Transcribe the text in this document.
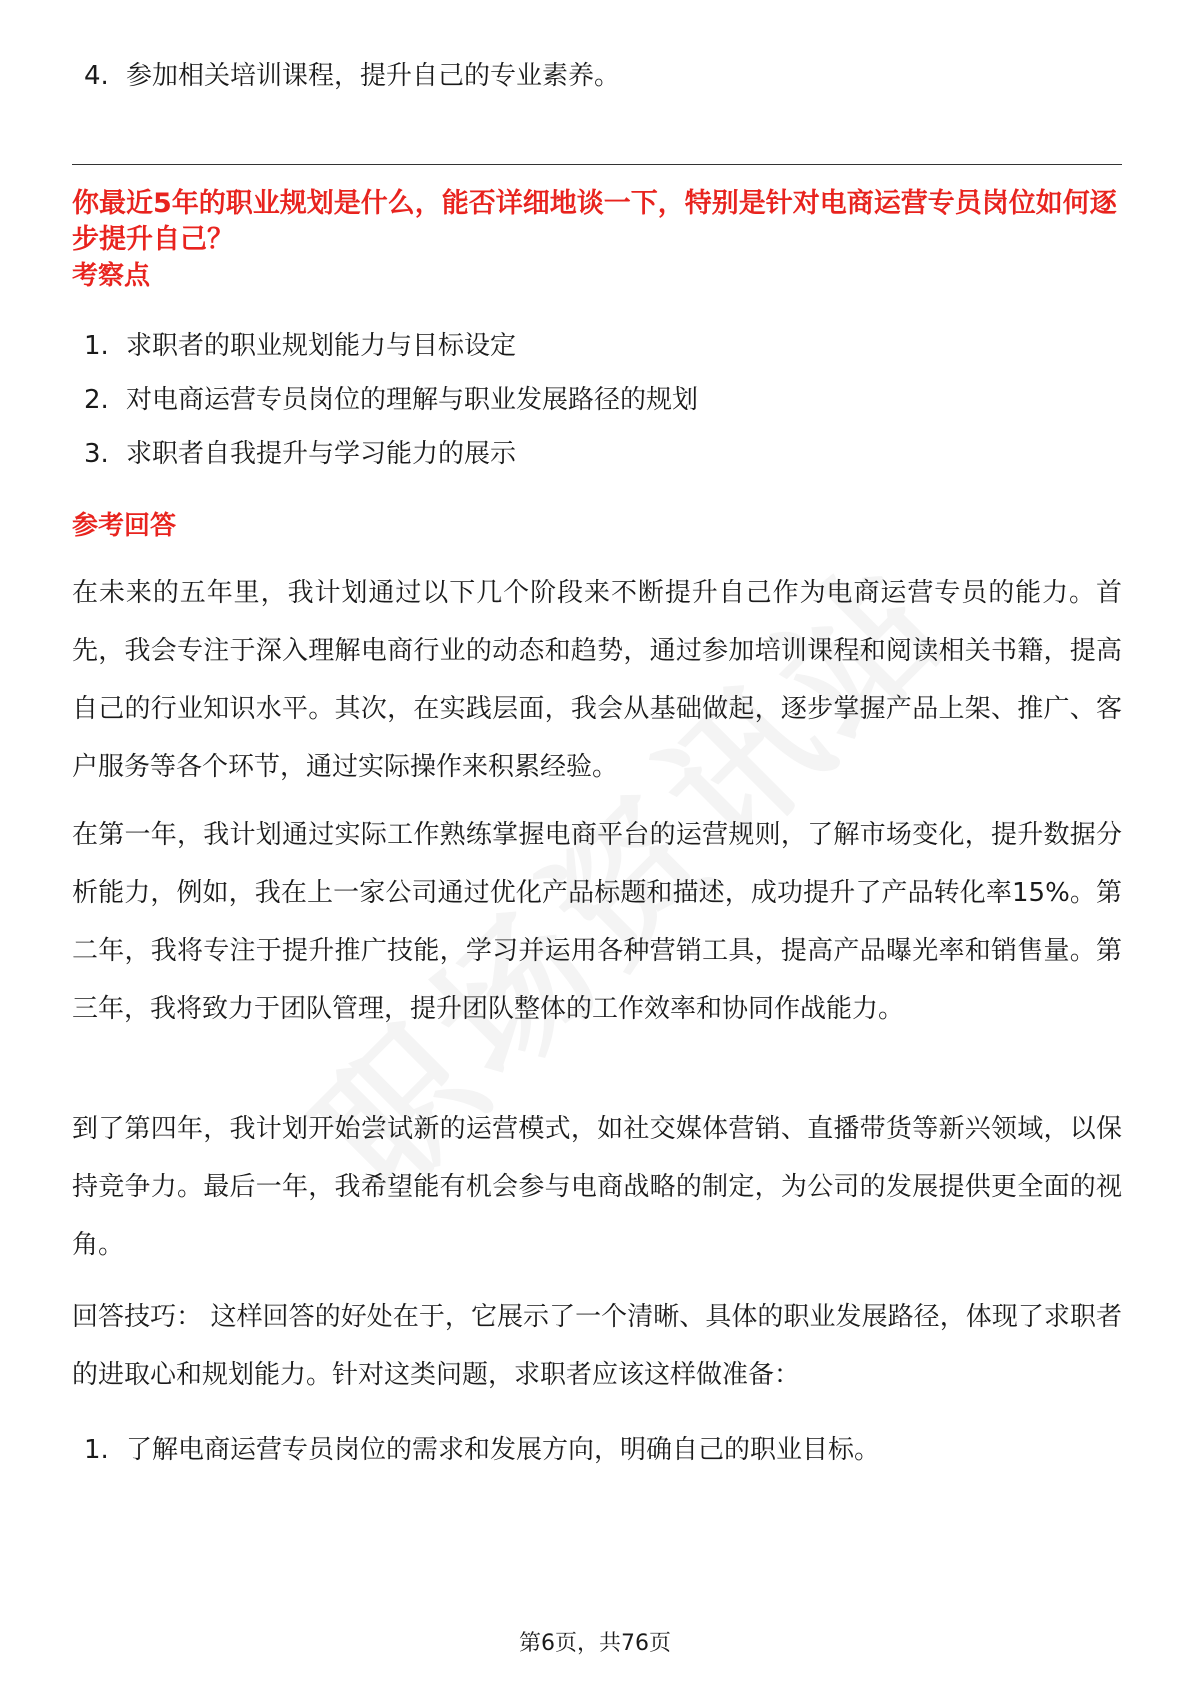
4. 参加相关培训课程，提升自己的专业素养。
你最近5年的职业规划是什么，能否详细地谈一下，特别是针对电商运营专员岗位如何逐步提升自己？
考察点
1. 求职者的职业规划能力与目标设定
2. 对电商运营专员岗位的理解与职业发展路径的规划
3. 求职者自我提升与学习能力的展示
参考回答
在未来的五年里，我计划通过以下几个阶段来不断提升自己作为电商运营专员的能力。首先，我会专注于深入理解电商行业的动态和趋势，通过参加培训课程和阅读相关书籍，提高自己的行业知识水平。其次，在实践层面，我会从基础做起，逐步掌握产品上架、推广、客户服务等各个环节，通过实际操作来积累经验。
在第一年，我计划通过实际工作熟练掌握电商平台的运营规则，了解市场变化，提升数据分析能力，例如，我在上一家公司通过优化产品标题和描述，成功提升了产品转化率15%。第二年，我将专注于提升推广技能，学习并运用各种营销工具，提高产品曝光率和销售量。第三年，我将致力于团队管理，提升团队整体的工作效率和协同作战能力。
到了第四年，我计划开始尝试新的运营模式，如社交媒体营销、直播带货等新兴领域，以保持竞争力。最后一年，我希望能有机会参与电商战略的制定，为公司的发展提供更全面的视角。
回答技巧： 这样回答的好处在于，它展示了一个清晰、具体的职业发展路径，体现了求职者的进取心和规划能力。针对这类问题，求职者应该这样做准备：
1. 了解电商运营专员岗位的需求和发展方向，明确自己的职业目标。
第6页，共76页
